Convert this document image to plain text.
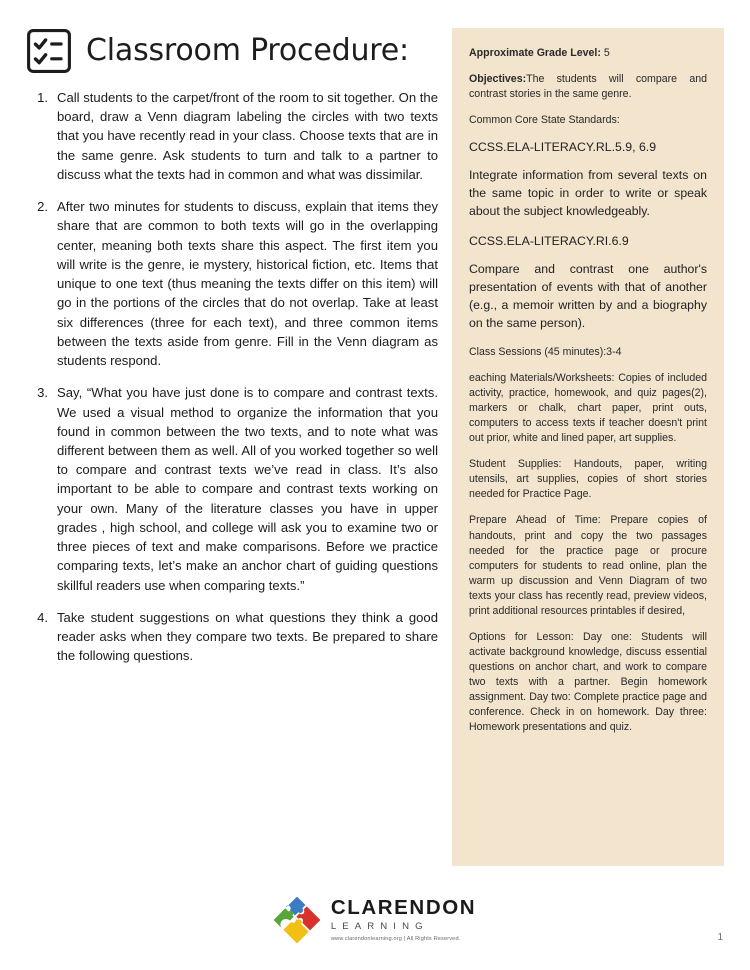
Classroom Procedure:
1. Call students to the carpet/front of the room to sit together. On the board, draw a Venn diagram labeling the circles with two texts that you have recently read in your class. Choose texts that are in the same genre. Ask students to turn and talk to a partner to discuss what the texts had in common and what was dissimilar.
2. After two minutes for students to discuss, explain that items they share that are common to both texts will go in the overlapping center, meaning both texts share this aspect. The first item you will write is the genre, ie mystery, historical fiction, etc. Items that unique to one text (thus meaning the texts differ on this item) will go in the portions of the circles that do not overlap. Take at least six differences (three for each text), and three common items between the texts aside from genre. Fill in the Venn diagram as students respond.
3. Say, “What you have just done is to compare and contrast texts. We used a visual method to organize the information that you found in common between the two texts, and to note what was different between them as well. All of you worked together so well to compare and contrast texts we’ve read in class. It’s also important to be able to compare and contrast texts working on your own. Many of the literature classes you have in upper grades , high school, and college will ask you to examine two or three pieces of text and make comparisons. Before we practice comparing texts, let’s make an anchor chart of guiding questions skillful readers use when comparing texts.”
4. Take student suggestions on what questions they think a good reader asks when they compare two texts. Be prepared to share the following questions.
Approximate Grade Level: 5
Objectives:The students will compare and contrast stories in the same genre.
Common Core State Standards:
CCSS.ELA-LITERACY.RL.5.9, 6.9
Integrate information from several texts on the same topic in order to write or speak about the subject knowledgeably.
CCSS.ELA-LITERACY.RI.6.9
Compare and contrast one author's presentation of events with that of another (e.g., a memoir written by and a biography on the same person).
Class Sessions (45 minutes):3-4
eaching Materials/Worksheets: Copies of included activity, practice, homewook, and quiz pages(2), markers or chalk, chart paper, print outs, computers to access texts if teacher doesn't print out prior, white and lined paper, art supplies.
Student Supplies: Handouts, paper, writing utensils, art supplies, copies of short stories needed for Practice Page.
Prepare Ahead of Time: Prepare copies of handouts, print and copy the two passages needed for the practice page or procure computers for students to read online, plan the warm up discussion and Venn Diagram of two texts your class has recently read, preview videos, print additional resources printables if desired,
Options for Lesson: Day one: Students will activate background knowledge, discuss essential questions on anchor chart, and work to compare two texts with a partner. Begin homework assignment. Day two: Complete practice page and conference. Check in on homework. Day three: Homework presentations and quiz.
CLARENDON
LEARNING
www.clarendonlearning.org | All Rights Reserved.	1
